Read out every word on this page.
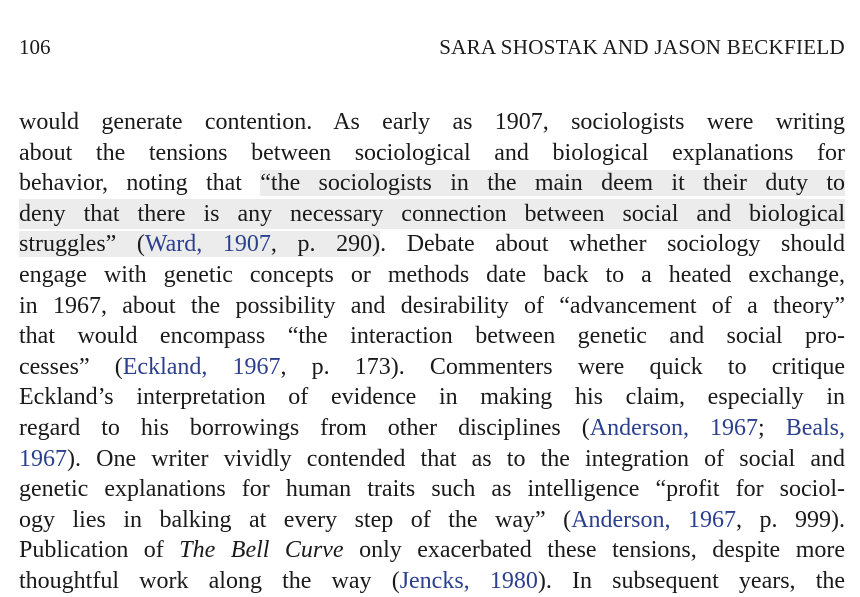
106	SARA SHOSTAK AND JASON BECKFIELD
would generate contention. As early as 1907, sociologists were writing
about the tensions between sociological and biological explanations for
behavior, noting that “the sociologists in the main deem it their duty to
deny that there is any necessary connection between social and biological
struggles” (Ward, 1907, p. 290). Debate about whether sociology should
engage with genetic concepts or methods date back to a heated exchange,
in 1967, about the possibility and desirability of “advancement of a theory”
that would encompass “the interaction between genetic and social pro-
cesses” (Eckland, 1967, p. 173). Commenters were quick to critique
Eckland’s interpretation of evidence in making his claim, especially in
regard to his borrowings from other disciplines (Anderson, 1967; Beals,
1967). One writer vividly contended that as to the integration of social and
genetic explanations for human traits such as intelligence “profit for sociol-
ogy lies in balking at every step of the way” (Anderson, 1967, p. 999).
Publication of The Bell Curve only exacerbated these tensions, despite more
thoughtful work along the way (Jencks, 1980). In subsequent years, the
